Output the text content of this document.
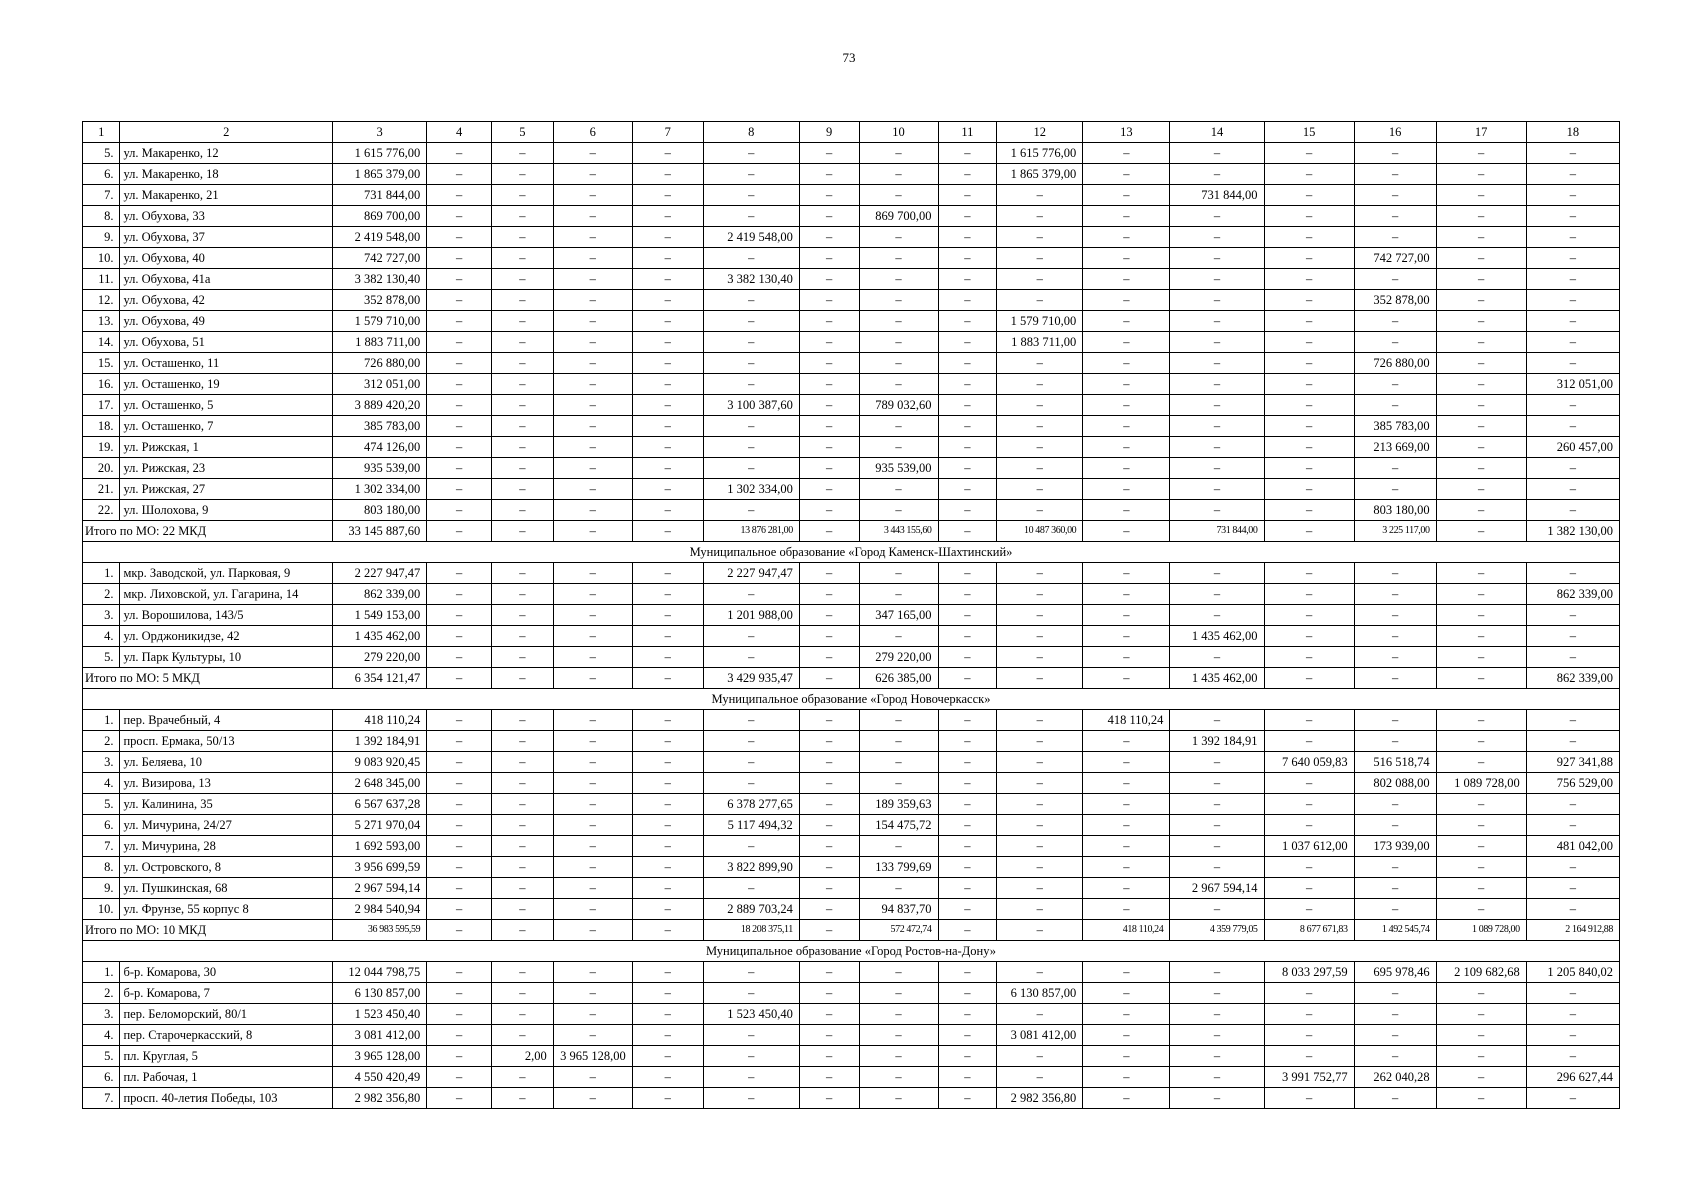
73
1	2	3	4	5	6	7	8	9	10	11	12	13	14	15	16	17	18
5.	ул. Макаренко, 12	1 615 776,00	–	–	–	–	–	–	–	–	1 615 776,00	–	–	–	–	–	–
6.	ул. Макаренко, 18	1 865 379,00	–	–	–	–	–	–	–	–	1 865 379,00	–	–	–	–	–	–
7.	ул. Макаренко, 21	731 844,00	–	–	–	–	–	–	–	–	–	–	731 844,00	–	–	–	–
8.	ул. Обухова, 33	869 700,00	–	–	–	–	–	–	869 700,00	–	–	–	–	–	–	–	–
9.	ул. Обухова, 37	2 419 548,00	–	–	–	–	2 419 548,00	–	–	–	–	–	–	–	–	–	–
10.	ул. Обухова, 40	742 727,00	–	–	–	–	–	–	–	–	–	–	–	–	742 727,00	–	–
11.	ул. Обухова, 41а	3 382 130,40	–	–	–	–	3 382 130,40	–	–	–	–	–	–	–	–	–	–
12.	ул. Обухова, 42	352 878,00	–	–	–	–	–	–	–	–	–	–	–	–	352 878,00	–	–
13.	ул. Обухова, 49	1 579 710,00	–	–	–	–	–	–	–	–	1 579 710,00	–	–	–	–	–	–
14.	ул. Обухова, 51	1 883 711,00	–	–	–	–	–	–	–	–	1 883 711,00	–	–	–	–	–	–
15.	ул. Осташенко, 11	726 880,00	–	–	–	–	–	–	–	–	–	–	–	–	726 880,00	–	–
16.	ул. Осташенко, 19	312 051,00	–	–	–	–	–	–	–	–	–	–	–	–	–	–	312 051,00
17.	ул. Осташенко, 5	3 889 420,20	–	–	–	–	3 100 387,60	–	789 032,60	–	–	–	–	–	–	–	–
18.	ул. Осташенко, 7	385 783,00	–	–	–	–	–	–	–	–	–	–	–	–	385 783,00	–	–
19.	ул. Рижская, 1	474 126,00	–	–	–	–	–	–	–	–	–	–	–	–	213 669,00	–	260 457,00
20.	ул. Рижская, 23	935 539,00	–	–	–	–	–	–	935 539,00	–	–	–	–	–	–	–	–
21.	ул. Рижская, 27	1 302 334,00	–	–	–	–	1 302 334,00	–	–	–	–	–	–	–	–	–	–
22.	ул. Шолохова, 9	803 180,00	–	–	–	–	–	–	–	–	–	–	–	–	803 180,00	–	–
Итого по МО: 22 МКД		33 145 887,60	–	–	–	–	13 876 281,00	–	3 443 155,60	–	10 487 360,00	–	731 844,00	–	3 225 117,00	–	1 382 130,00
Муниципальное образование «Город Каменск-Шахтинский»																	
1.	мкр. Заводской, ул. Парковая, 9	2 227 947,47	–	–	–	–	2 227 947,47	–	–	–	–	–	–	–	–	–	–
2.	мкр. Лиховской, ул. Гагарина, 14	862 339,00	–	–	–	–	–	–	–	–	–	–	–	–	–	–	862 339,00
3.	ул. Ворошилова, 143/5	1 549 153,00	–	–	–	–	1 201 988,00	–	347 165,00	–	–	–	–	–	–	–	–
4.	ул. Орджоникидзе, 42	1 435 462,00	–	–	–	–	–	–	–	–	–	–	1 435 462,00	–	–	–	–
5.	ул. Парк Культуры, 10	279 220,00	–	–	–	–	–	–	279 220,00	–	–	–	–	–	–	–	–
Итого по МО: 5 МКД		6 354 121,47	–	–	–	–	3 429 935,47	–	626 385,00	–	–	–	1 435 462,00	–	–	–	862 339,00
Муниципальное образование «Город Новочеркасск»																	
1.	пер. Врачебный, 4	418 110,24	–	–	–	–	–	–	–	–	–	418 110,24	–	–	–	–	–
2.	просп. Ермака, 50/13	1 392 184,91	–	–	–	–	–	–	–	–	–	–	1 392 184,91	–	–	–	–
3.	ул. Беляева, 10	9 083 920,45	–	–	–	–	–	–	–	–	–	–	–	7 640 059,83	516 518,74	–	927 341,88
4.	ул. Визирова, 13	2 648 345,00	–	–	–	–	–	–	–	–	–	–	–	–	802 088,00	1 089 728,00	756 529,00
5.	ул. Калинина, 35	6 567 637,28	–	–	–	–	6 378 277,65	–	189 359,63	–	–	–	–	–	–	–	–
6.	ул. Мичурина, 24/27	5 271 970,04	–	–	–	–	5 117 494,32	–	154 475,72	–	–	–	–	–	–	–	–
7.	ул. Мичурина, 28	1 692 593,00	–	–	–	–	–	–	–	–	–	–	–	1 037 612,00	173 939,00	–	481 042,00
8.	ул. Островского, 8	3 956 699,59	–	–	–	–	3 822 899,90	–	133 799,69	–	–	–	–	–	–	–	–
9.	ул. Пушкинская, 68	2 967 594,14	–	–	–	–	–	–	–	–	–	–	2 967 594,14	–	–	–	–
10.	ул. Фрунзе, 55 корпус 8	2 984 540,94	–	–	–	–	2 889 703,24	–	94 837,70	–	–	–	–	–	–	–	–
Итого по МО: 10 МКД		36 983 595,59	–	–	–	–	18 208 375,11	–	572 472,74	–	–	418 110,24	4 359 779,05	8 677 671,83	1 492 545,74	1 089 728,00	2 164 912,88
Муниципальное образование «Город Ростов-на-Дону»																	
1.	б-р. Комарова, 30	12 044 798,75	–	–	–	–	–	–	–	–	–	–	–	8 033 297,59	695 978,46	2 109 682,68	1 205 840,02
2.	б-р. Комарова, 7	6 130 857,00	–	–	–	–	–	–	–	–	6 130 857,00	–	–	–	–	–	–
3.	пер. Беломорский, 80/1	1 523 450,40	–	–	–	–	1 523 450,40	–	–	–	–	–	–	–	–	–	–
4.	пер. Старочеркасский, 8	3 081 412,00	–	–	–	–	–	–	–	–	3 081 412,00	–	–	–	–	–	–
5.	пл. Круглая, 5	3 965 128,00	–	2,00	3 965 128,00	–	–	–	–	–	–	–	–	–	–	–	–
6.	пл. Рабочая, 1	4 550 420,49	–	–	–	–	–	–	–	–	–	–	–	3 991 752,77	262 040,28	–	296 627,44
7.	просп. 40-летия Победы, 103	2 982 356,80	–	–	–	–	–	–	–	–	2 982 356,80	–	–	–	–	–	–
